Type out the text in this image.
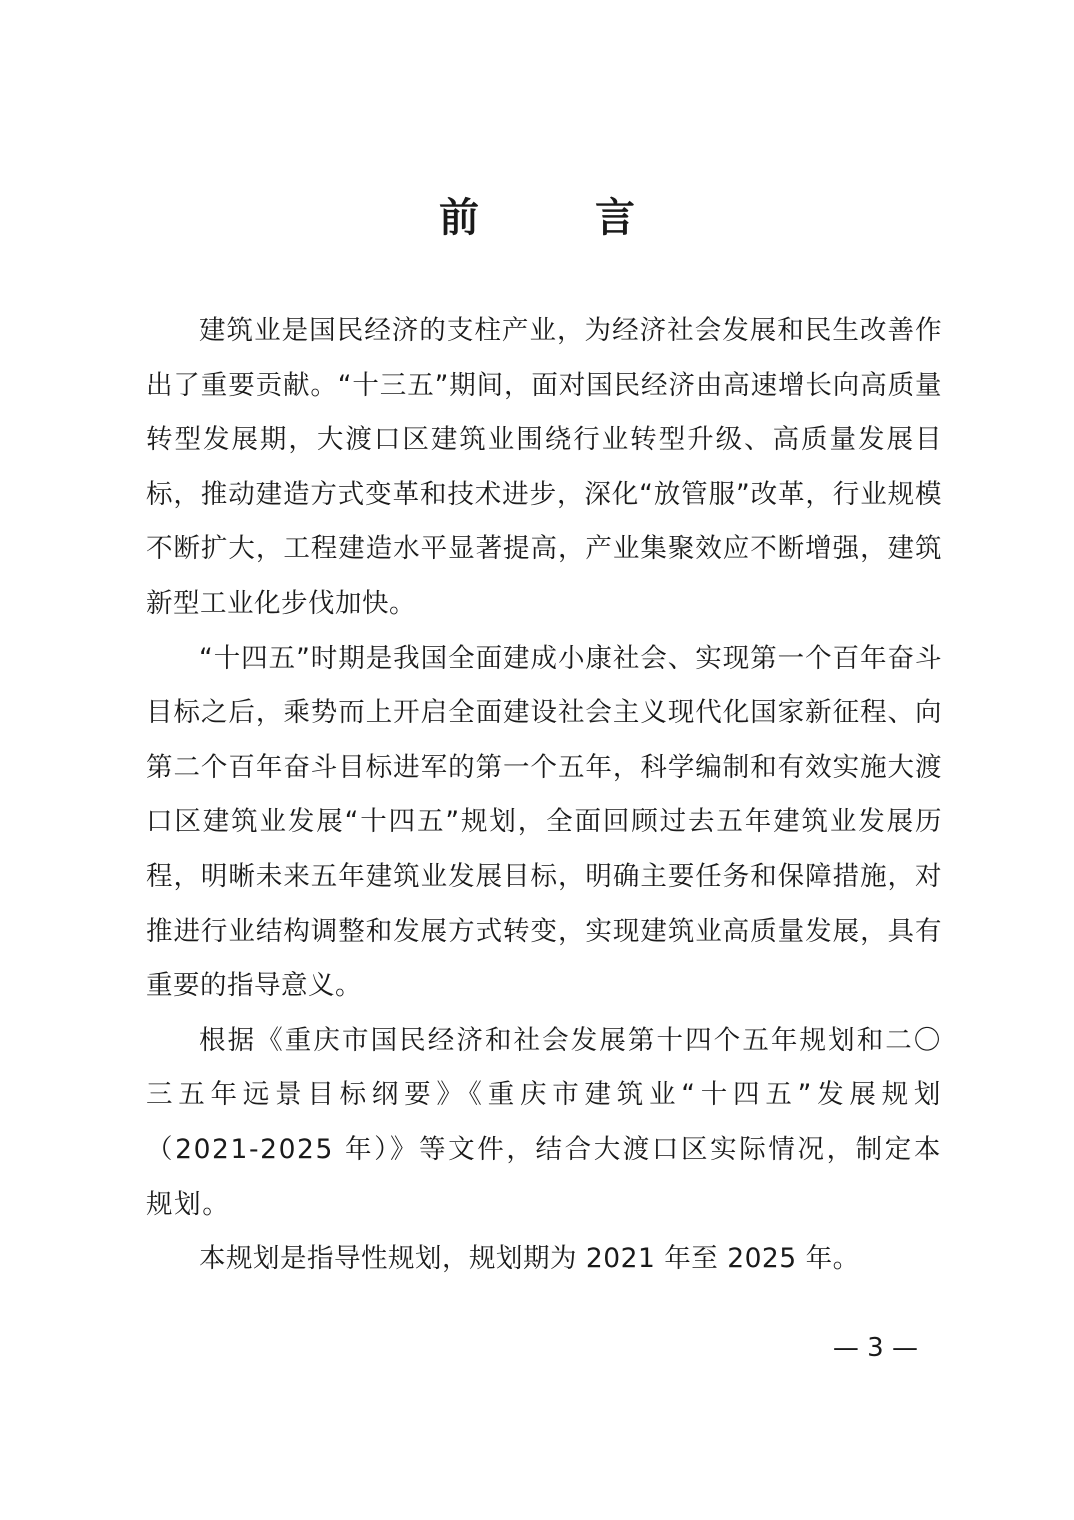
前　言

建筑业是国民经济的支柱产业，为经济社会发展和民生改善作出了重要贡献。“十三五”期间，面对国民经济由高速增长向高质量转型发展期，大渡口区建筑业围绕行业转型升级、高质量发展目标，推动建造方式变革和技术进步，深化“放管服”改革，行业规模不断扩大，工程建造水平显著提高，产业集聚效应不断增强，建筑新型工业化步伐加快。

“十四五”时期是我国全面建成小康社会、实现第一个百年奋斗目标之后，乘势而上开启全面建设社会主义现代化国家新征程、向第二个百年奋斗目标进军的第一个五年，科学编制和有效实施大渡口区建筑业发展“十四五”规划，全面回顾过去五年建筑业发展历程，明晰未来五年建筑业发展目标，明确主要任务和保障措施，对推进行业结构调整和发展方式转变，实现建筑业高质量发展，具有重要的指导意义。

根据《重庆市国民经济和社会发展第十四个五年规划和二〇三五年远景目标纲要》《重庆市建筑业“十四五”发展规划（2021-2025 年）》等文件，结合大渡口区实际情况，制定本规划。

本规划是指导性规划，规划期为 2021 年至 2025 年。

— 3 —
